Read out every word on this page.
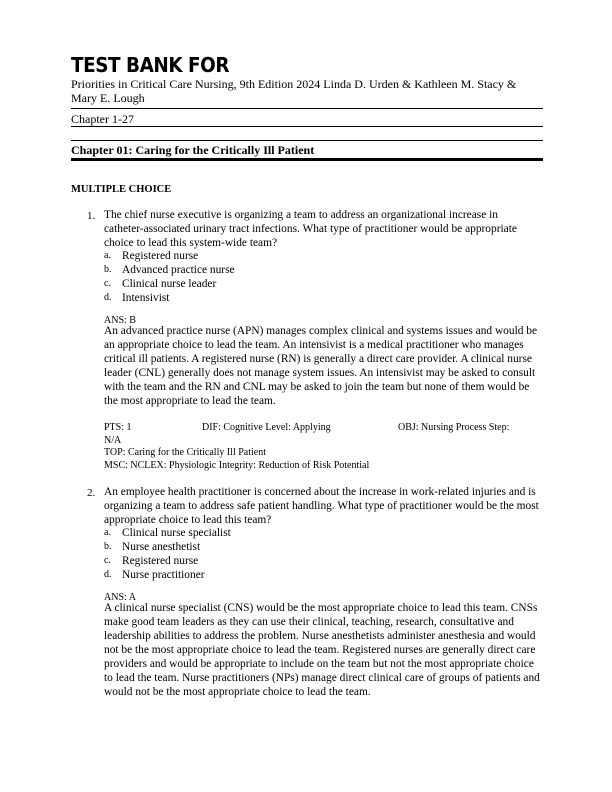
TEST BANK FOR
Priorities in Critical Care Nursing, 9th Edition 2024 Linda D. Urden & Kathleen M. Stacy & Mary E. Lough
Chapter 1-27
Chapter 01: Caring for the Critically Ill Patient
MULTIPLE CHOICE
1. The chief nurse executive is organizing a team to address an organizational increase in catheter-associated urinary tract infections. What type of practitioner would be appropriate choice to lead this system-wide team?
a. Registered nurse
b. Advanced practice nurse
c. Clinical nurse leader
d. Intensivist
ANS: B
An advanced practice nurse (APN) manages complex clinical and systems issues and would be an appropriate choice to lead the team. An intensivist is a medical practitioner who manages critical ill patients. A registered nurse (RN) is generally a direct care provider. A clinical nurse leader (CNL) generally does not manage system issues. An intensivist may be asked to consult with the team and the RN and CNL may be asked to join the team but none of them would be the most appropriate to lead the team.
PTS: 1	DIF: Cognitive Level: Applying	OBJ: Nursing Process Step:
N/A
TOP: Caring for the Critically Ill Patient
MSC: NCLEX: Physiologic Integrity: Reduction of Risk Potential
2. An employee health practitioner is concerned about the increase in work-related injuries and is organizing a team to address safe patient handling. What type of practitioner would be the most appropriate choice to lead this team?
a. Clinical nurse specialist
b. Nurse anesthetist
c. Registered nurse
d. Nurse practitioner
ANS: A
A clinical nurse specialist (CNS) would be the most appropriate choice to lead this team. CNSs make good team leaders as they can use their clinical, teaching, research, consultative and leadership abilities to address the problem. Nurse anesthetists administer anesthesia and would not be the most appropriate choice to lead the team. Registered nurses are generally direct care providers and would be appropriate to include on the team but not the most appropriate choice to lead the team. Nurse practitioners (NPs) manage direct clinical care of groups of patients and would not be the most appropriate choice to lead the team.
